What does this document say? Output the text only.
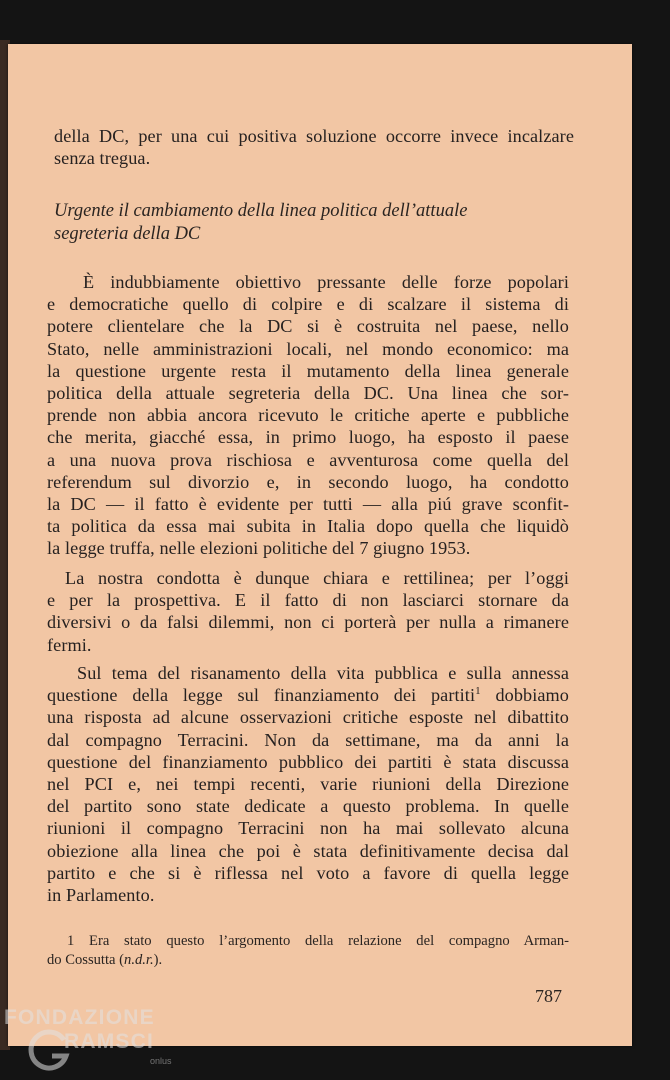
della DC, per una cui positiva soluzione occorre invece incalzare

senza tregua.

Urgente il cambiamento della linea politica dell’attuale
segreteria della DC

È indubbiamente obiettivo pressante delle forze popolari

e democratiche quello di colpire e di scalzare il sistema di

potere clientelare che la DC si è costruita nel paese, nello

Stato, nelle amministrazioni locali, nel mondo economico: ma

la questione urgente resta il mutamento della linea generale

politica della attuale segreteria della DC. Una linea che sor-

prende non abbia ancora ricevuto le critiche aperte e pubbliche

che merita, giacché essa, in primo luogo, ha esposto il paese

a una nuova prova rischiosa e avventurosa come quella del

referendum sul divorzio e, in secondo luogo, ha condotto

la DC — il fatto è evidente per tutti — alla piú grave sconfit-

ta politica da essa mai subita in Italia dopo quella che liquidò

la legge truffa, nelle elezioni politiche del 7 giugno 1953.

La nostra condotta è dunque chiara e rettilinea; per l’oggi

e per la prospettiva. E il fatto di non lasciarci stornare da

diversivi o da falsi dilemmi, non ci porterà per nulla a rimanere

fermi.

Sul tema del risanamento della vita pubblica e sulla annessa

questione della legge sul finanziamento dei partiti$^1$ dobbiamo

una risposta ad alcune osservazioni critiche esposte nel dibattito

dal compagno Terracini. Non da settimane, ma da anni la

questione del finanziamento pubblico dei partiti è stata discussa

nel PCI e, nei tempi recenti, varie riunioni della Direzione

del partito sono state dedicate a questo problema. In quelle

riunioni il compagno Terracini non ha mai sollevato alcuna

obiezione alla linea che poi è stata definitivamente decisa dal

partito e che si è riflessa nel voto a favore di quella legge

in Parlamento.

1 Era stato questo l’argomento della relazione del compagno Arman-
do Cossutta (n.d.r.).
787
FONDAZIONE
RAMSCI
onlus
